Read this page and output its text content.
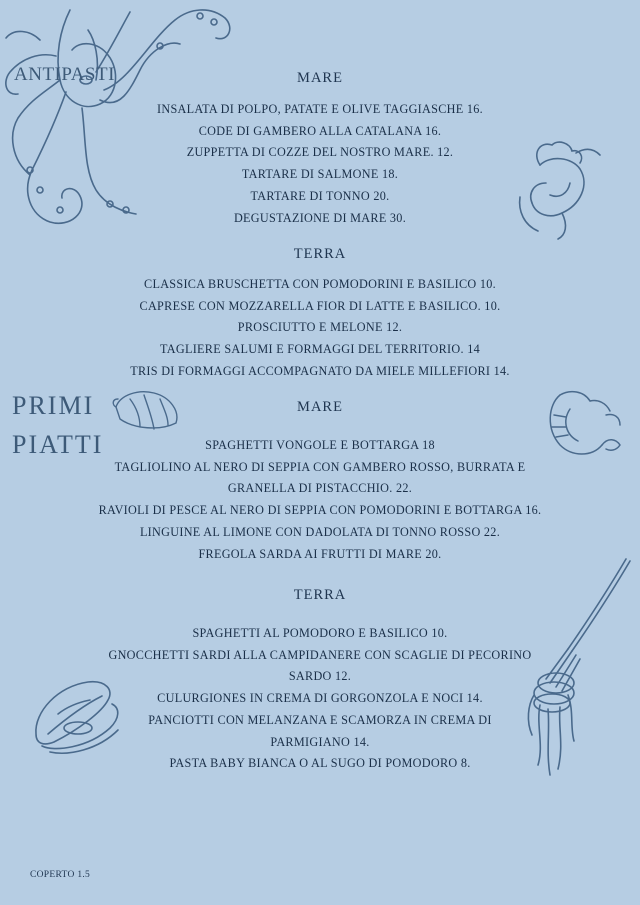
ANTIPASTI
PRIMI
PIATTI
MARE
INSALATA DI POLPO, PATATE E OLIVE TAGGIASCHE 16.
CODE DI GAMBERO ALLA CATALANA 16.
ZUPPETTA DI COZZE DEL NOSTRO MARE. 12.
TARTARE DI SALMONE 18.
TARTARE DI TONNO 20.
DEGUSTAZIONE DI MARE 30.
TERRA
CLASSICA BRUSCHETTA CON POMODORINI E BASILICO 10.
CAPRESE CON MOZZARELLA FIOR DI LATTE E BASILICO. 10.
PROSCIUTTO E MELONE 12.
TAGLIERE SALUMI E FORMAGGI DEL TERRITORIO. 14
TRIS DI FORMAGGI ACCOMPAGNATO DA MIELE MILLEFIORI 14.
MARE
SPAGHETTI VONGOLE E BOTTARGA 18
TAGLIOLINO AL NERO DI SEPPIA CON GAMBERO ROSSO, BURRATA E
GRANELLA DI PISTACCHIO. 22.
RAVIOLI DI PESCE AL NERO DI SEPPIA CON POMODORINI E BOTTARGA 16.
LINGUINE AL LIMONE CON DADOLATA DI TONNO ROSSO 22.
FREGOLA SARDA AI FRUTTI DI MARE 20.
TERRA
SPAGHETTI AL POMODORO E BASILICO 10.
GNOCCHETTI SARDI ALLA CAMPIDANERE CON SCAGLIE DI PECORINO
SARDO 12.
CULURGIONES IN CREMA DI GORGONZOLA E NOCI 14.
PANCIOTTI CON MELANZANA E SCAMORZA IN CREMA DI
PARMIGIANO 14.
PASTA BABY BIANCA O AL SUGO DI POMODORO 8.
COPERTO 1.5
